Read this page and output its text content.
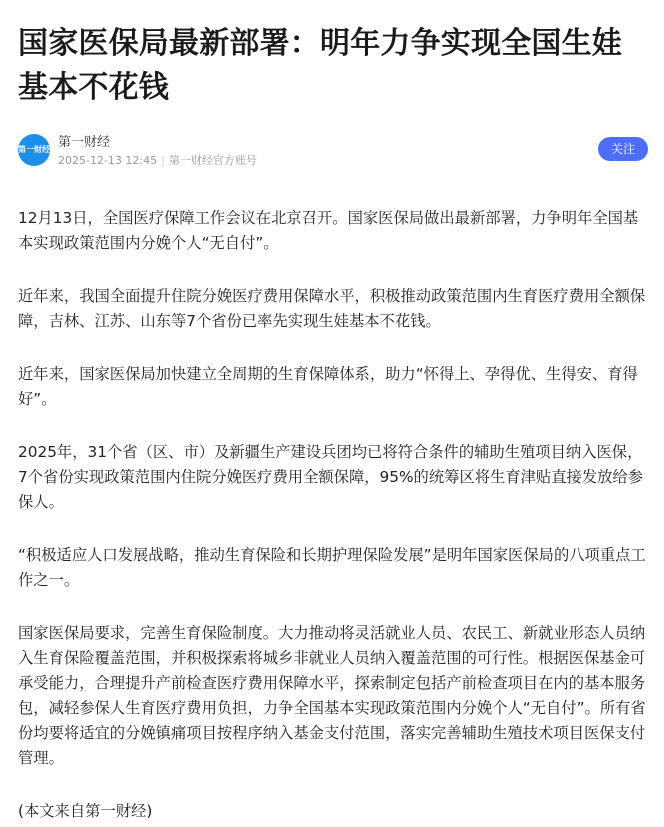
国家医保局最新部署：明年力争实现全国生娃基本不花钱
第一财经 第一财经
2025-12-13 12:45 | 第一财经官方账号
关注

12月13日，全国医疗保障工作会议在北京召开。国家医保局做出最新部署，力争明年全国基本实现政策范围内分娩个人“无自付”。

近年来，我国全面提升住院分娩医疗费用保障水平，积极推动政策范围内生育医疗费用全额保障，吉林、江苏、山东等7个省份已率先实现生娃基本不花钱。

近年来，国家医保局加快建立全周期的生育保障体系，助力“怀得上、孕得优、生得安、育得好”。

2025年，31个省（区、市）及新疆生产建设兵团均已将符合条件的辅助生殖项目纳入医保，7个省份实现政策范围内住院分娩医疗费用全额保障，95%的统筹区将生育津贴直接发放给参保人。

“积极适应人口发展战略，推动生育保险和长期护理保险发展”是明年国家医保局的八项重点工作之一。

国家医保局要求，完善生育保险制度。大力推动将灵活就业人员、农民工、新就业形态人员纳入生育保险覆盖范围，并积极探索将城乡非就业人员纳入覆盖范围的可行性。根据医保基金可承受能力，合理提升产前检查医疗费用保障水平，探索制定包括产前检查项目在内的基本服务包，减轻参保人生育医疗费用负担，力争全国基本实现政策范围内分娩个人“无自付”。所有省份均要将适宜的分娩镇痛项目按程序纳入基金支付范围，落实完善辅助生殖技术项目医保支付管理。

(本文来自第一财经)
